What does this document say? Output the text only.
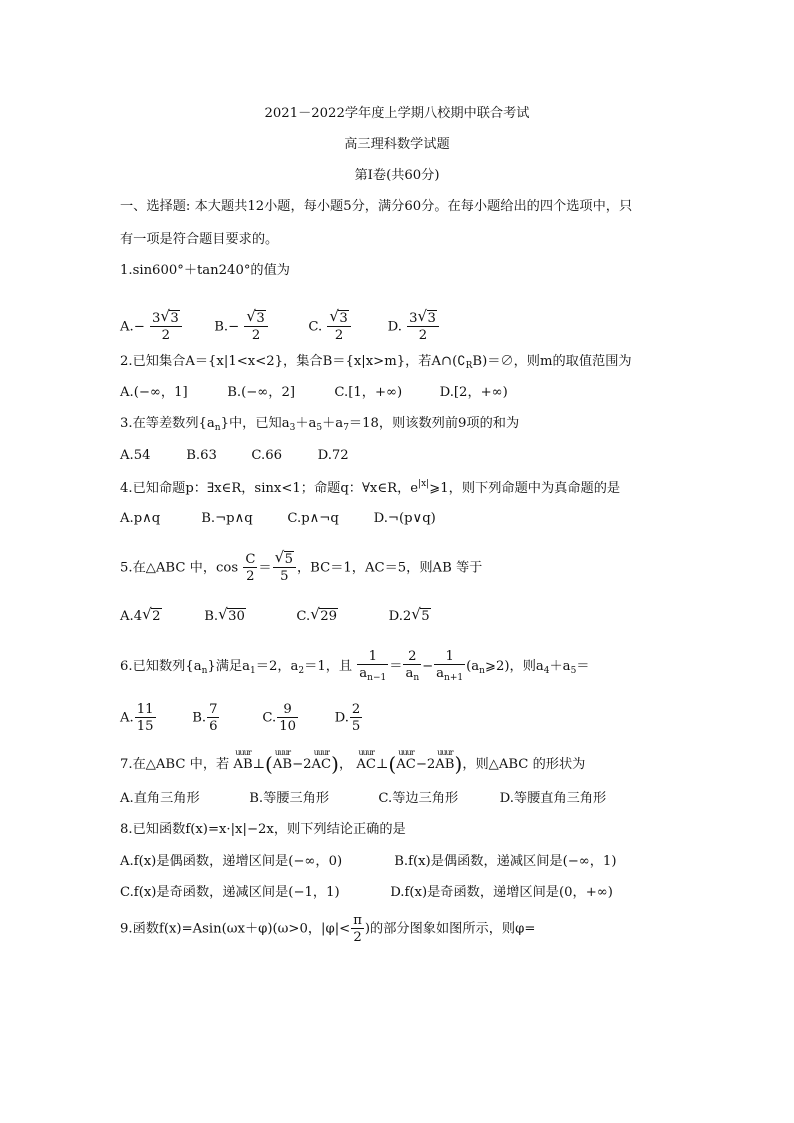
2021－2022学年度上学期八校期中联合考试
高三理科数学试题
第Ⅰ卷(共60分)
一、选择题: 本大题共12小题，每小题5分，满分60分。在每小题给出的四个选项中，只
有一项是符合题目要求的。
1.sin600°＋tan240°的值为
$A.- \frac{3 √ 3}{2} B.- \frac{√ 3}{2}$	C. $\frac{√ 3}{2}$	D. $\frac{3 √ 3}{2}$
2.已知集合A＝{x|1<x<2}，集合B＝{x|x>m}，若$A\cap(∁_RB)=\emptyset$，则m的取值范围为
A.(−∞，1]	B.(−∞，2]	C.[1，+∞)	D.[2，+∞)
3.在等差数列$\{a_n\}$中，已知$a_3+a_5+a_7=18$，则该数列前9项的和为
A.54	B.63	C.66	D.72
4.已知命题p：∃x∈R，sinx<1；命题q：∀x∈R，$e^{|x|}⩾1$，则下列命题中为真命题的是
A.p∧q	B.¬p∧q	C.p∧¬q	D.¬(p∨q)
5.在△ABC 中，$\cos \frac{C}{2} = \frac{√ 5}{5}$ ，BC＝1，AC＝5，则AB 等于
A.4 √ 2	B. √ 30	C. √ 29	D.2 √ 5
6.已知数列$\{a_n\}$满足$a_1=2$，$a_2=1$，且 $\frac{1}{a_{n-1}} = \frac{2}{a_n} - \frac{1}{a_{n+1}}$ $(a_n⩾2)$，则$a_4+a_5=$
A. $\frac{11}{15}$	B. $\frac{7}{6}$	C. $\frac{9}{10}$	D. $\frac{2}{5}$
7.在△ABC 中，若
uuur
AB⊥( uuur
AB−2
uuur
AC)，
uuur
AC⊥( uuur
AC−2
uuur
AB)，则△ABC 的形状为
A.直角三角形	B.等腰三角形	C.等边三角形	D.等腰直角三角形
8.已知函数f(x)=x·|x|−2x，则下列结论正确的是
A.f(x)是偶函数，递增区间是(−∞，0)	B.f(x)是偶函数，递减区间是(−∞，1)
C.f(x)是奇函数，递减区间是(−1，1)	D.f(x)是奇函数，递增区间是(0，+∞)
9.函数f(x)=Asin(ωx＋φ)(ω>0，$|\varphi|< \frac{\pi}{2}$ )的部分图象如图所示，则φ=
